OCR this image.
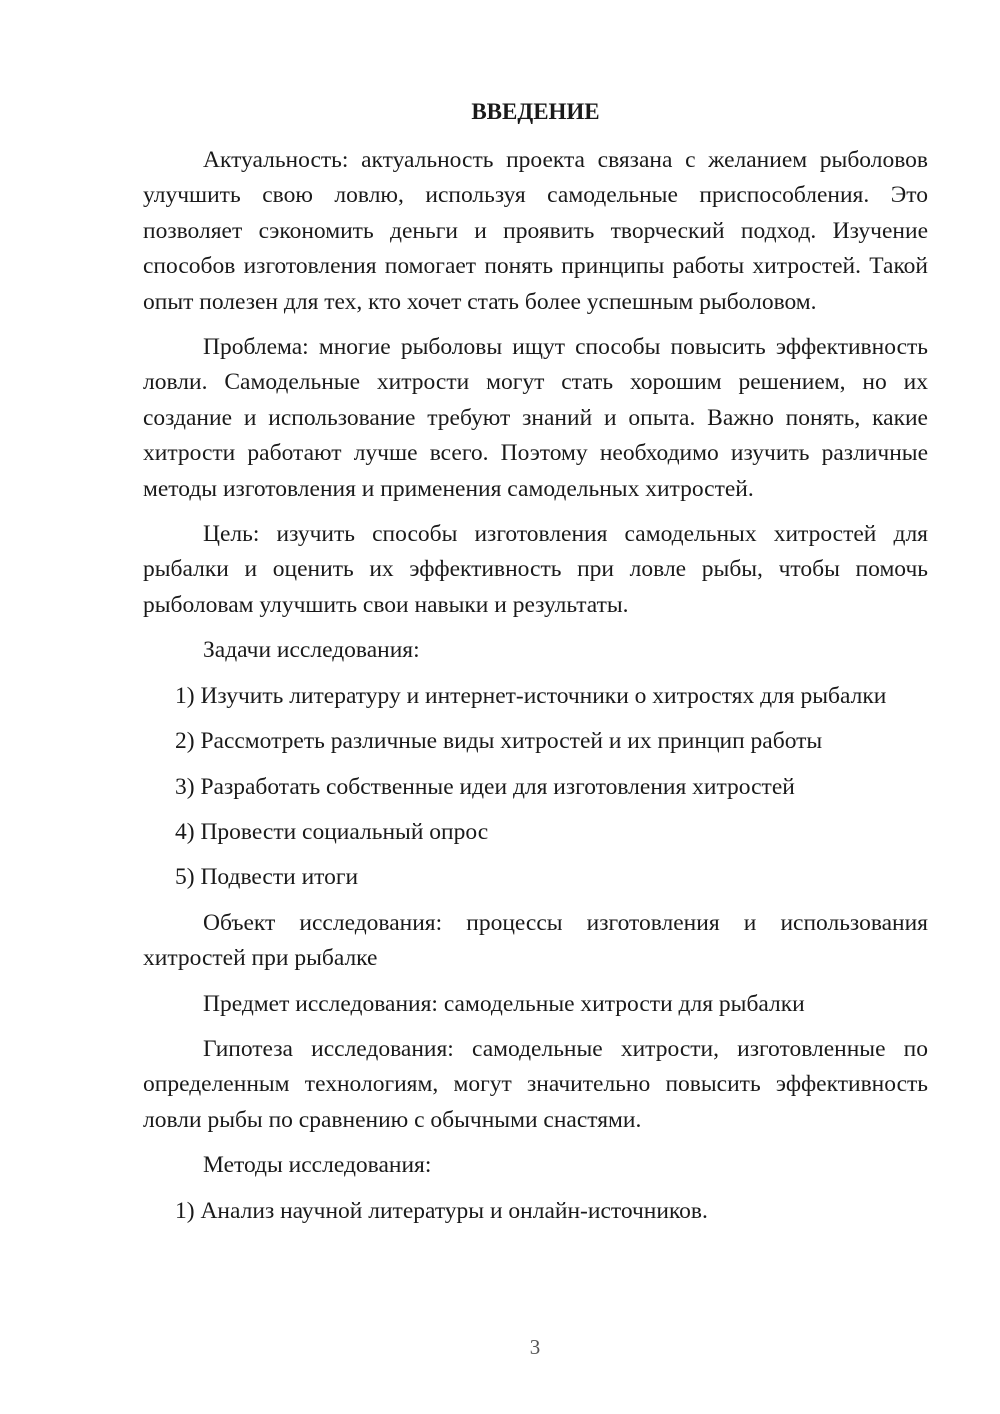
ВВЕДЕНИЕ

Актуальность: актуальность проекта связана с желанием рыболовов улучшить свою ловлю, используя самодельные приспособления. Это позволяет сэкономить деньги и проявить творческий подход. Изучение способов изготовления помогает понять принципы работы хитростей. Такой опыт полезен для тех, кто хочет стать более успешным рыболовом.

Проблема: многие рыболовы ищут способы повысить эффективность ловли. Самодельные хитрости могут стать хорошим решением, но их создание и использование требуют знаний и опыта. Важно понять, какие хитрости работают лучше всего. Поэтому необходимо изучить различные методы изготовления и применения самодельных хитростей.

Цель: изучить способы изготовления самодельных хитростей для рыбалки и оценить их эффективность при ловле рыбы, чтобы помочь рыболовам улучшить свои навыки и результаты.

Задачи исследования:

1) Изучить литературу и интернет-источники о хитростях для рыбалки

2) Рассмотреть различные виды хитростей и их принцип работы

3) Разработать собственные идеи для изготовления хитростей

4) Провести социальный опрос

5) Подвести итоги

Объект исследования: процессы изготовления и использования хитростей при рыбалке

Предмет исследования: самодельные хитрости для рыбалки

Гипотеза исследования: самодельные хитрости, изготовленные по определенным технологиям, могут значительно повысить эффективность ловли рыбы по сравнению с обычными снастями.

Методы исследования:

1) Анализ научной литературы и онлайн-источников.

3
